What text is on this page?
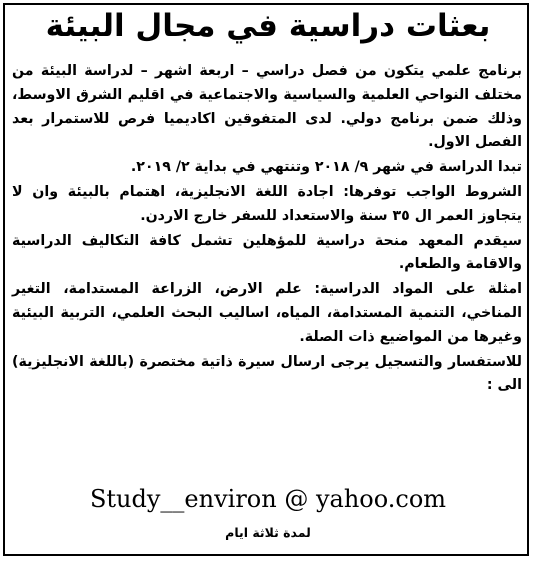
بعثات دراسية في مجال البيئة

برنامج علمي يتكون من فصل دراسي – اربعة اشهر – لدراسة البيئة من مختلف النواحي العلمية والسياسية والاجتماعية في اقليم الشرق الاوسط، وذلك ضمن برنامج دولي. لدى المتفوقين اكاديميا فرص للاستمرار بعد الفصل الاول.

تبدا الدراسة في شهر ٩/ ٢٠١٨ وتنتهي في بداية ٢/ ٢٠١٩.

الشروط الواجب توفرها: اجادة اللغة الانجليزية، اهتمام بالبيئة وان لا يتجاوز العمر ال ٣٥ سنة والاستعداد للسفر خارج الاردن.

سيقدم المعهد منحة دراسية للمؤهلين تشمل كافة التكاليف الدراسية والاقامة والطعام.

امثلة على المواد الدراسية: علم الارض، الزراعة المستدامة، التغير المناخي، التنمية المستدامة، المياه، اساليب البحث العلمي، التربية البيئية وغيرها من المواضيع ذات الصلة.

للاستفسار والتسجيل يرجى ارسال سيرة ذاتية مختصرة (باللغة الانجليزية) الى :

Study__environ @ yahoo.com
لمدة ثلاثة ايام
